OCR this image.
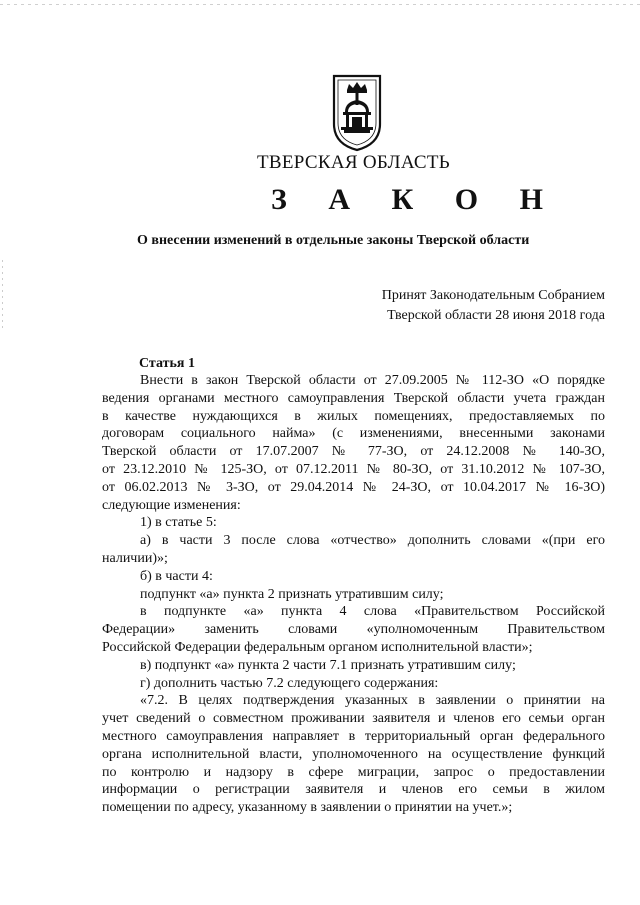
ТВЕРСКАЯ ОБЛАСТЬ
З А К О Н
О внесении изменений в отдельные законы Тверской области
Принят Законодательным Собранием
Тверской области 28 июня 2018 года
Статья 1
Внести в закон Тверской области от 27.09.2005 № 112-ЗО «О порядке
ведения органами местного самоуправления Тверской области учета граждан
в качестве нуждающихся в жилых помещениях, предоставляемых по
договорам социального найма» (с изменениями, внесенными законами
Тверской области от 17.07.2007 № 77-ЗО, от 24.12.2008 № 140-ЗО,
от 23.12.2010 № 125-ЗО, от 07.12.2011 № 80-ЗО, от 31.10.2012 № 107-ЗО,
от 06.02.2013 № 3-ЗО, от 29.04.2014 № 24-ЗО, от 10.04.2017 № 16-ЗО)
следующие изменения:
1) в статье 5:
а) в части 3 после слова «отчество» дополнить словами «(при его
наличии)»;
б) в части 4:
подпункт «а» пункта 2 признать утратившим силу;
в подпункте «а» пункта 4 слова «Правительством Российской
Федерации» заменить словами «уполномоченным Правительством
Российской Федерации федеральным органом исполнительной власти»;
в) подпункт «а» пункта 2 части 7.1 признать утратившим силу;
г) дополнить частью 7.2 следующего содержания:
«7.2. В целях подтверждения указанных в заявлении о принятии на
учет сведений о совместном проживании заявителя и членов его семьи орган
местного самоуправления направляет в территориальный орган федерального
органа исполнительной власти, уполномоченного на осуществление функций
по контролю и надзору в сфере миграции, запрос о предоставлении
информации о регистрации заявителя и членов его семьи в жилом
помещении по адресу, указанному в заявлении о принятии на учет.»;
